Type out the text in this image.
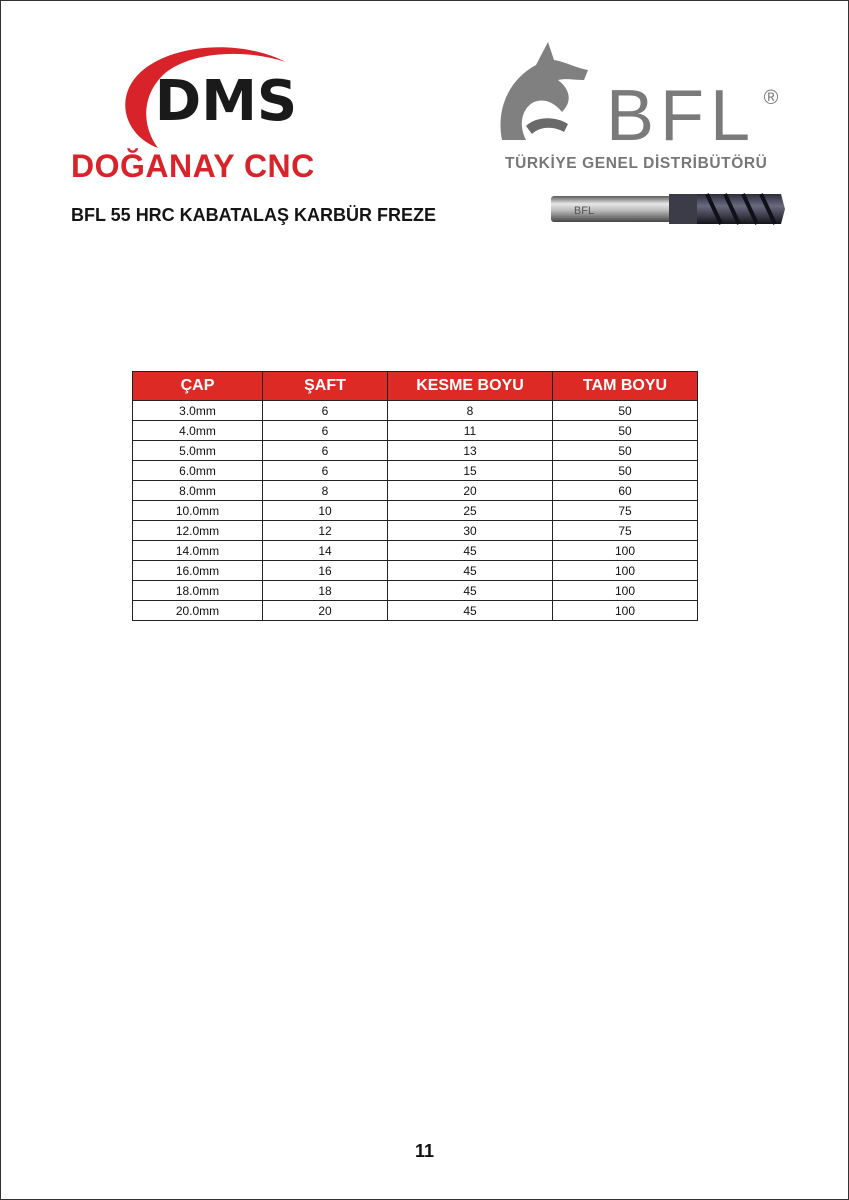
DMS
DOĞANAY CNC
BFL ®
TÜRKİYE GENEL DİSTRİBÜTÖRÜ
BFL 55 HRC KABATALAŞ KARBÜR FREZE	BFL
ÇAP	ŞAFT	KESME BOYU	TAM BOYU
3.0mm	6	8	50
4.0mm	6	11	50
5.0mm	6	13	50
6.0mm	6	15	50
8.0mm	8	20	60
10.0mm	10	25	75
12.0mm	12	30	75
14.0mm	14	45	100
16.0mm	16	45	100
18.0mm	18	45	100
20.0mm	20	45	100
11
